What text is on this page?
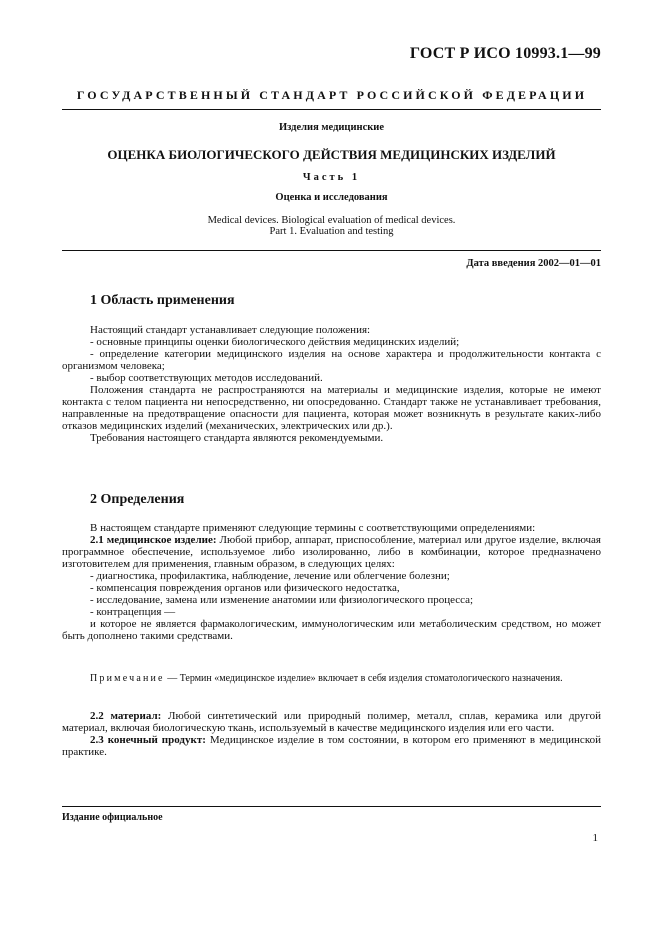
ГОСТ Р ИСО 10993.1—99
ГОСУДАРСТВЕННЫЙ СТАНДАРТ РОССИЙСКОЙ ФЕДЕРАЦИИ
Изделия медицинские
ОЦЕНКА БИОЛОГИЧЕСКОГО ДЕЙСТВИЯ МЕДИЦИНСКИХ ИЗДЕЛИЙ
Часть 1
Оценка и исследования
Medical devices. Biological evaluation of medical devices.
Part 1. Evaluation and testing
Дата введения 2002—01—01
1 Область применения

Настоящий стандарт устанавливает следующие положения:

- основные принципы оценки биологического действия медицинских изделий;

- определение категории медицинского изделия на основе характера и продолжительности контакта с организмом человека;

- выбор соответствующих методов исследований.

Положения стандарта не распространяются на материалы и медицинские изделия, которые не имеют контакта с телом пациента ни непосредственно, ни опосредованно. Стандарт также не устанавливает требования, направленные на предотвращение опасности для пациента, которая может возникнуть в результате каких-либо отказов медицинских изделий (механических, электрических или др.).

Требования настоящего стандарта являются рекомендуемыми.

2 Определения

В настоящем стандарте применяют следующие термины с соответствующими определениями:

2.1 медицинское изделие: Любой прибор, аппарат, приспособление, материал или другое изделие, включая программное обеспечение, используемое либо изолированно, либо в комбинации, которое предназначено изготовителем для применения, главным образом, в следующих целях:

- диагностика, профилактика, наблюдение, лечение или облегчение болезни;

- компенсация повреждения органов или физического недостатка,

- исследование, замена или изменение анатомии или физиологического процесса;

- контрацепция —

и которое не является фармакологическим, иммунологическим или метаболическим средством, но может быть дополнено такими средствами.

Примечание — Термин «медицинское изделие» включает в себя изделия стоматологического назначения.

2.2 материал: Любой синтетический или природный полимер, металл, сплав, керамика или другой материал, включая биологическую ткань, используемый в качестве медицинского изделия или его части.

2.3 конечный продукт: Медицинское изделие в том состоянии, в котором его применяют в медицинской практике.

Издание официальное
1
